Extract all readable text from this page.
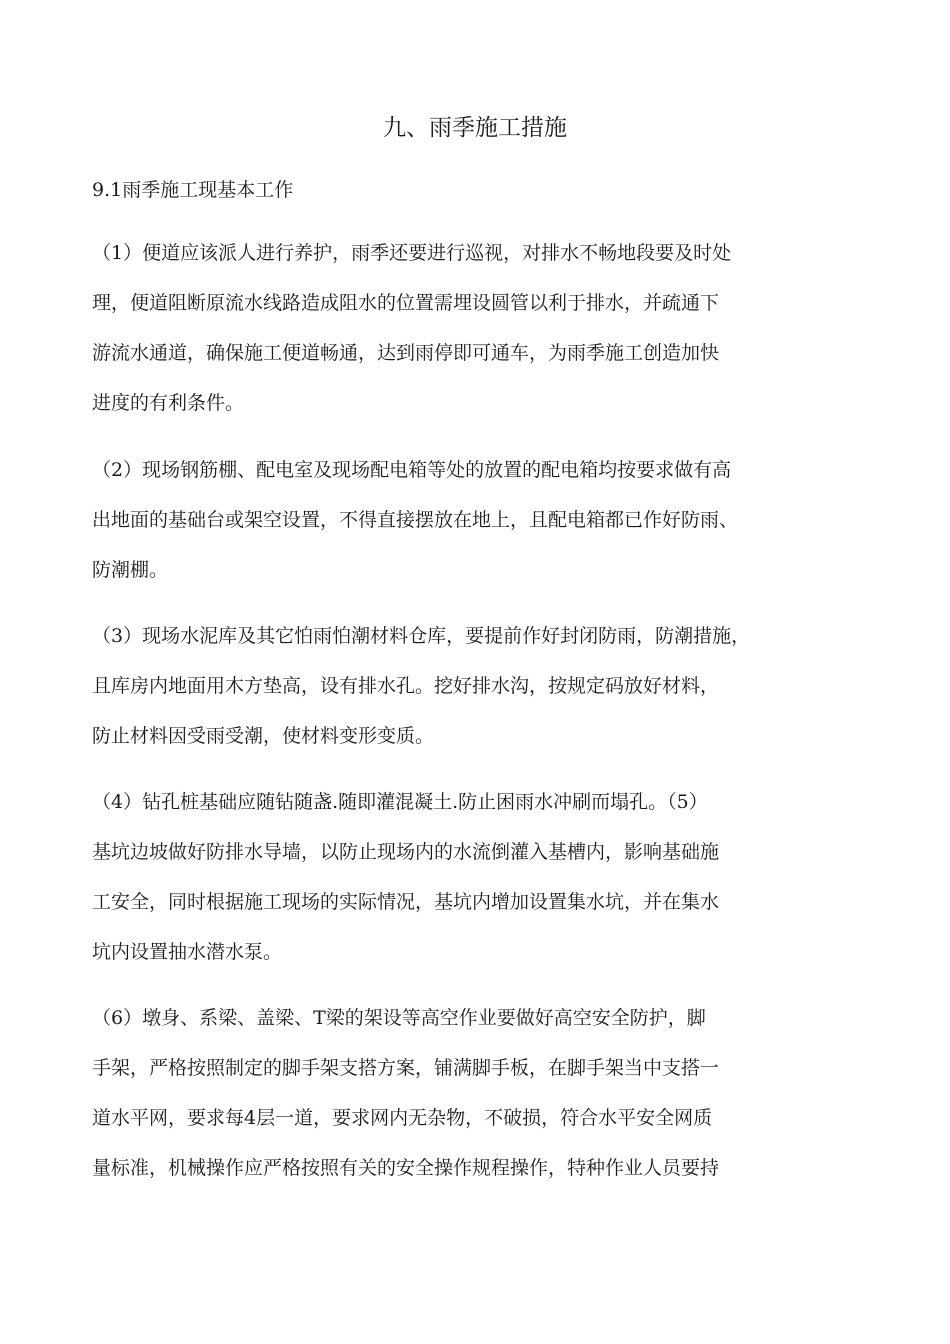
九、雨季施工措施
9.1雨季施工现基本工作
（1）便道应该派人进行养护，雨季还要进行巡视，对排水不畅地段要及时处
理，便道阻断原流水线路造成阻水的位置需埋设圆管以利于排水，并疏通下
游流水通道，确保施工便道畅通，达到雨停即可通车，为雨季施工创造加快
进度的有利条件。
（2）现场钢筋棚、配电室及现场配电箱等处的放置的配电箱均按要求做有高
出地面的基础台或架空设置，不得直接摆放在地上，且配电箱都已作好防雨、
防潮棚。
（3）现场水泥库及其它怕雨怕潮材料仓库，要提前作好封闭防雨，防潮措施，
且库房内地面用木方垫高，设有排水孔。挖好排水沟，按规定码放好材料，
防止材料因受雨受潮，使材料变形变质。
（4）钻孔桩基础应随钻随盏.随即灌混凝土.防止困雨水冲刷而塌孔。（5）
基坑边坡做好防排水导墙，以防止现场内的水流倒灌入基槽内，影响基础施
工安全，同时根据施工现场的实际情况，基坑内增加设置集水坑，并在集水
坑内设置抽水潜水泵。
（6）墩身、系梁、盖梁、T梁的架设等高空作业要做好高空安全防护，脚
手架，严格按照制定的脚手架支搭方案，铺满脚手板，在脚手架当中支搭一
道水平网，要求每4层一道，要求网内无杂物，不破损，符合水平安全网质
量标准，机械操作应严格按照有关的安全操作规程操作，特种作业人员要持
